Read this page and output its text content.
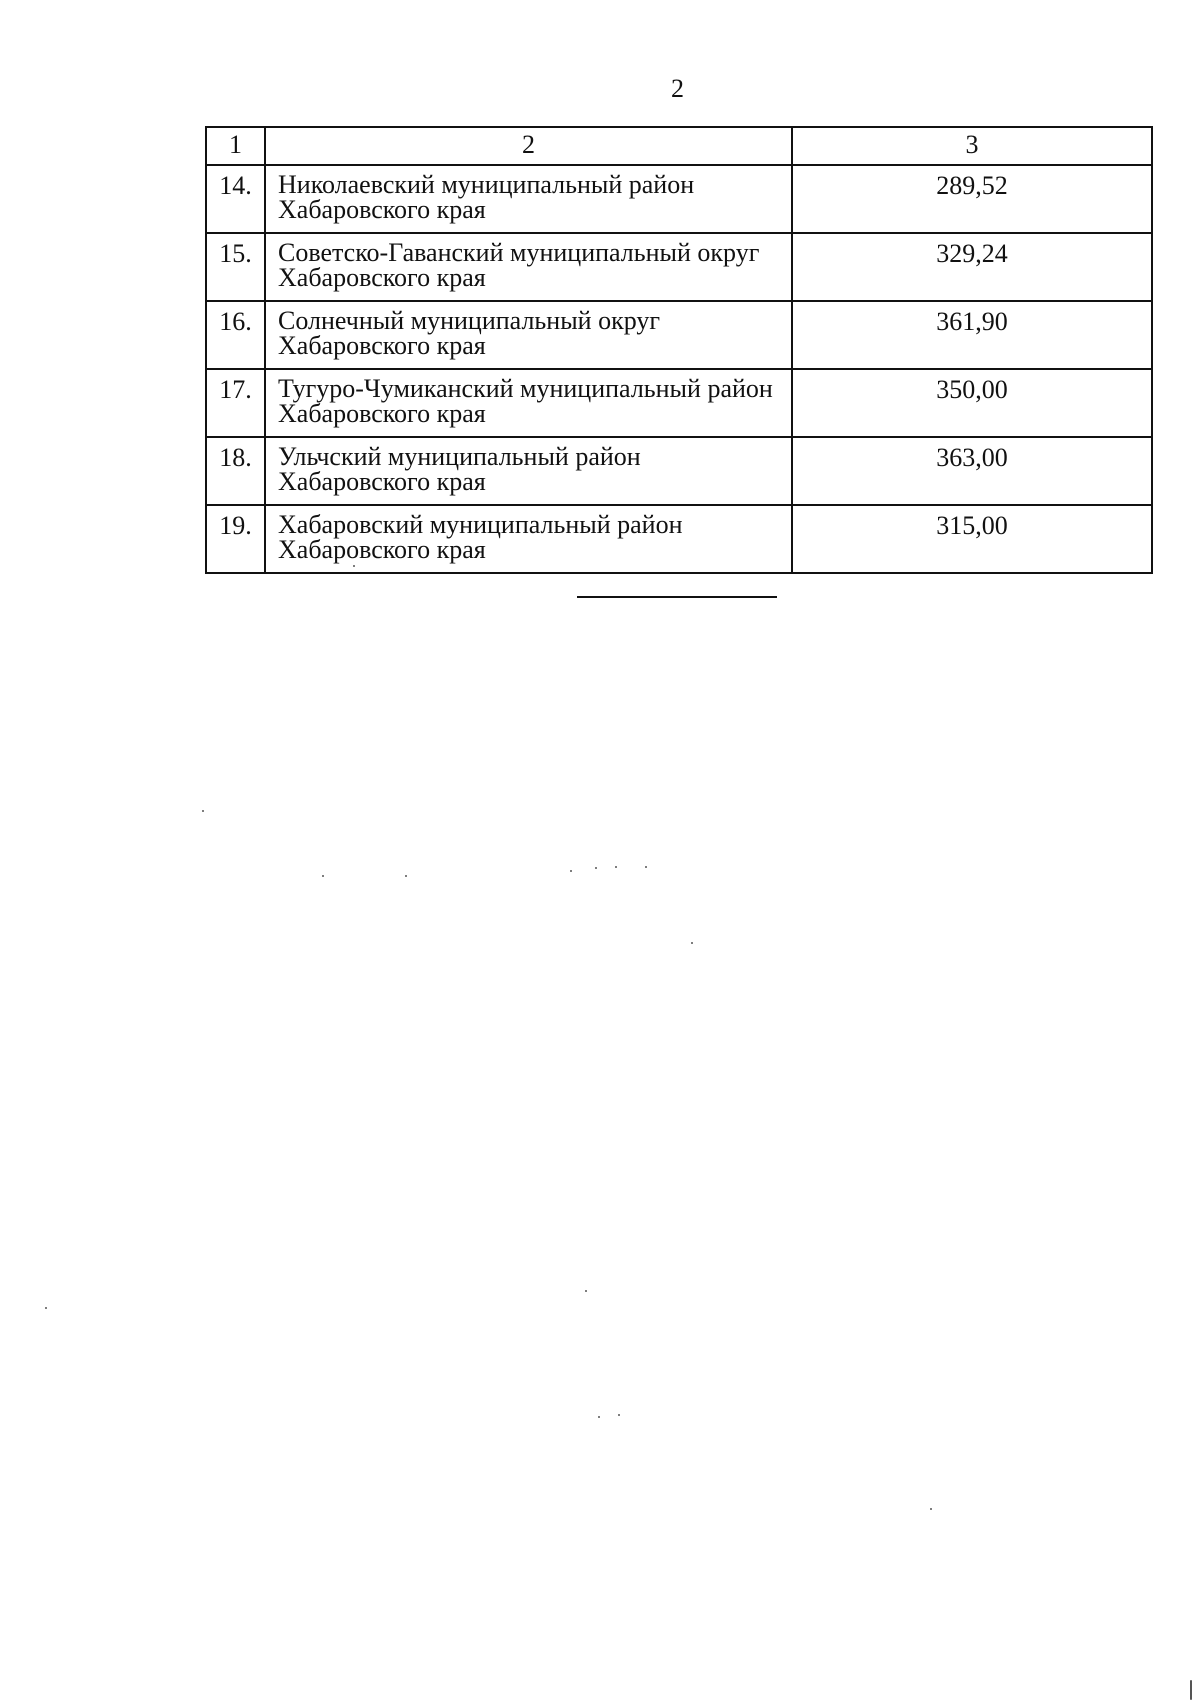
2
1	2	3
14.	Николаевский муниципальный район Хабаровского края	289,52
15.	Советско-Гаванский муниципальный округ Хабаровского края	329,24
16.	Солнечный муниципальный округ Хабаровского края	361,90
17.	Тугуро-Чумиканский муниципальный район Хабаровского края	350,00
18.	Ульчский муниципальный район Хабаровского края	363,00
19.	Хабаровский муниципальный район Хабаровского края	315,00
